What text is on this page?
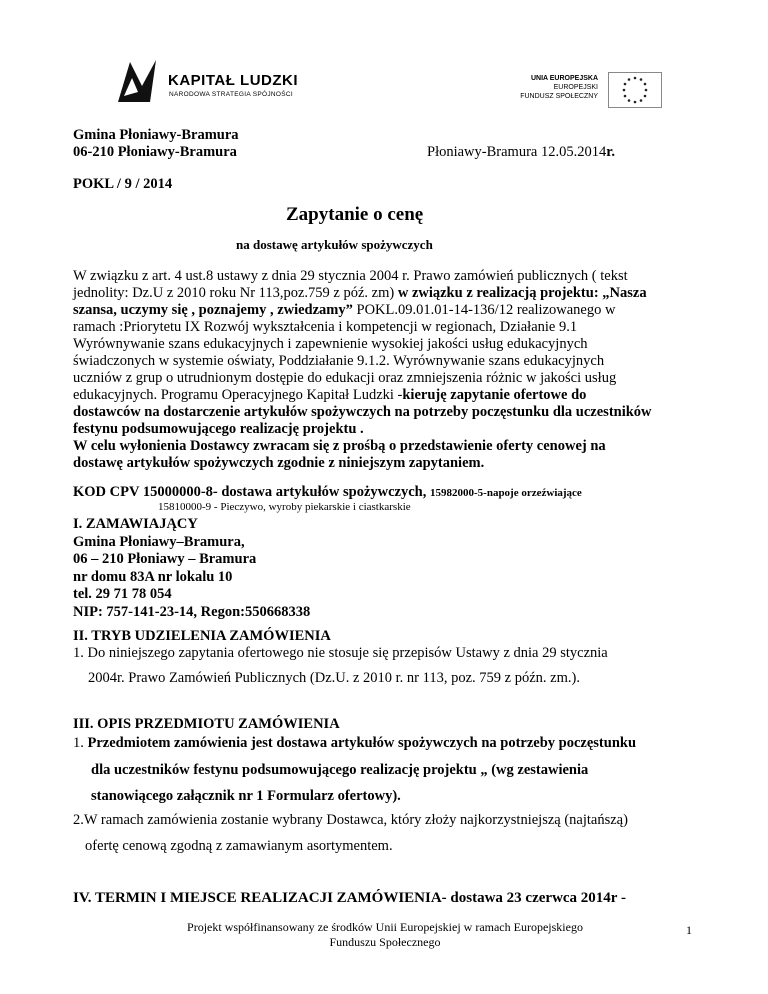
KAPITAŁ LUDZKI
NARODOWA STRATEGIA SPÓJNOŚCI
UNIA EUROPEJSKA
EUROPEJSKI
FUNDUSZ SPOŁECZNY
Gmina Płoniawy-Bramura
06-210 Płoniawy-Bramura	Płoniawy-Bramura 12.05.2014r.
POKL / 9 / 2014
Zapytanie o cenę
na dostawę artykułów spożywczych
W związku z art. 4 ust.8 ustawy z dnia 29 stycznia 2004 r. Prawo zamówień publicznych ( tekst
jednolity: Dz.U z 2010 roku Nr 113,poz.759 z póź. zm) w związku z realizacją projektu: „Nasza
szansa, uczymy się , poznajemy , zwiedzamy” POKL.09.01.01-14-136/12 realizowanego w
ramach :Priorytetu IX Rozwój wykształcenia i kompetencji w regionach, Działanie 9.1
Wyrównywanie szans edukacyjnych i zapewnienie wysokiej jakości usług edukacyjnych
świadczonych w systemie oświaty, Poddziałanie 9.1.2. Wyrównywanie szans edukacyjnych
uczniów z grup o utrudnionym dostępie do edukacji oraz zmniejszenia różnic w jakości usług
edukacyjnych. Programu Operacyjnego Kapitał Ludzki -kieruję zapytanie ofertowe do
dostawców na dostarczenie artykułów spożywczych na potrzeby poczęstunku dla uczestników
festynu podsumowującego realizację projektu .
W celu wyłonienia Dostawcy zwracam się z prośbą o przedstawienie oferty cenowej na
dostawę artykułów spożywczych zgodnie z niniejszym zapytaniem.
KOD CPV 15000000-8- dostawa artykułów spożywczych, 15982000-5-napoje orzeźwiające
15810000-9 - Pieczywo, wyroby piekarskie i ciastkarskie
I. ZAMAWIAJĄCY
Gmina Płoniawy–Bramura,
06 – 210 Płoniawy – Bramura
nr domu 83A nr lokalu 10
tel. 29 71 78 054
NIP: 757-141-23-14, Regon:550668338
II. TRYB UDZIELENIA ZAMÓWIENIA
1. Do niniejszego zapytania ofertowego nie stosuje się przepisów Ustawy z dnia 29 stycznia
2004r. Prawo Zamówień Publicznych (Dz.U. z 2010 r. nr 113, poz. 759 z późn. zm.).
III. OPIS PRZEDMIOTU ZAMÓWIENIA
1. Przedmiotem zamówienia jest dostawa artykułów spożywczych na potrzeby poczęstunku
dla uczestników festynu podsumowującego realizację projektu „ (wg zestawienia
stanowiącego załącznik nr 1 Formularz ofertowy).
2.W ramach zamówienia zostanie wybrany Dostawca, który złoży najkorzystniejszą (najtańszą)
ofertę cenową zgodną z zamawianym asortymentem.
IV. TERMIN I MIEJSCE REALIZACJI ZAMÓWIENIA- dostawa 23 czerwca 2014r -
Projekt współfinansowany ze środków Unii Europejskiej w ramach Europejskiego
Funduszu Społecznego
1
